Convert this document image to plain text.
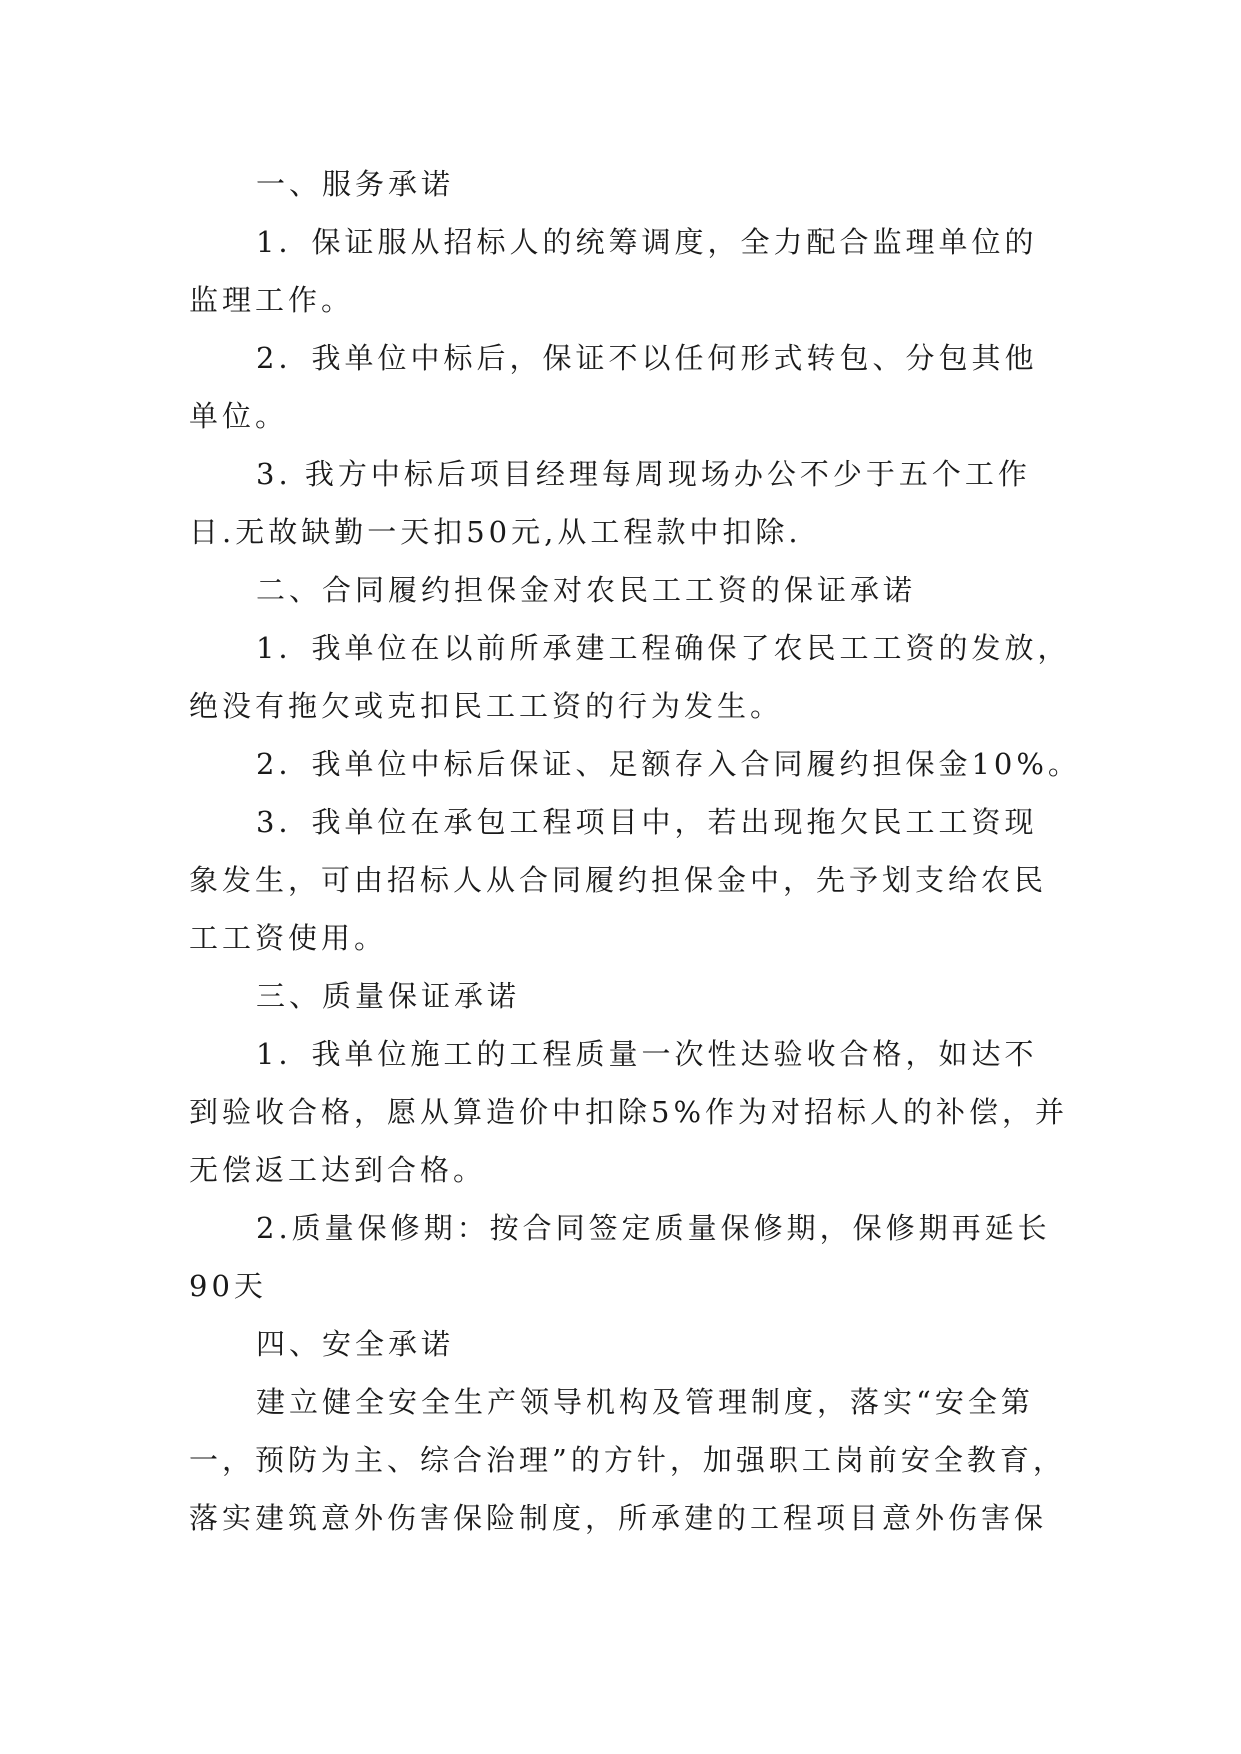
一、服务承诺
1．保证服从招标人的统筹调度，全力配合监理单位的
监理工作。
2．我单位中标后，保证不以任何形式转包、分包其他
单位。
3. 我方中标后项目经理每周现场办公不少于五个工作
日.无故缺勤一天扣50元,从工程款中扣除.
二、合同履约担保金对农民工工资的保证承诺
1．我单位在以前所承建工程确保了农民工工资的发放，
绝没有拖欠或克扣民工工资的行为发生。
2．我单位中标后保证、足额存入合同履约担保金10%。
3．我单位在承包工程项目中，若出现拖欠民工工资现
象发生，可由招标人从合同履约担保金中，先予划支给农民
工工资使用。
三、质量保证承诺
1．我单位施工的工程质量一次性达验收合格，如达不
到验收合格，愿从算造价中扣除5%作为对招标人的补偿，并
无偿返工达到合格。
2.质量保修期：按合同签定质量保修期，保修期再延长
90天
四、安全承诺
建立健全安全生产领导机构及管理制度，落实“安全第
一，预防为主、综合治理”的方针，加强职工岗前安全教育，
落实建筑意外伤害保险制度，所承建的工程项目意外伤害保
